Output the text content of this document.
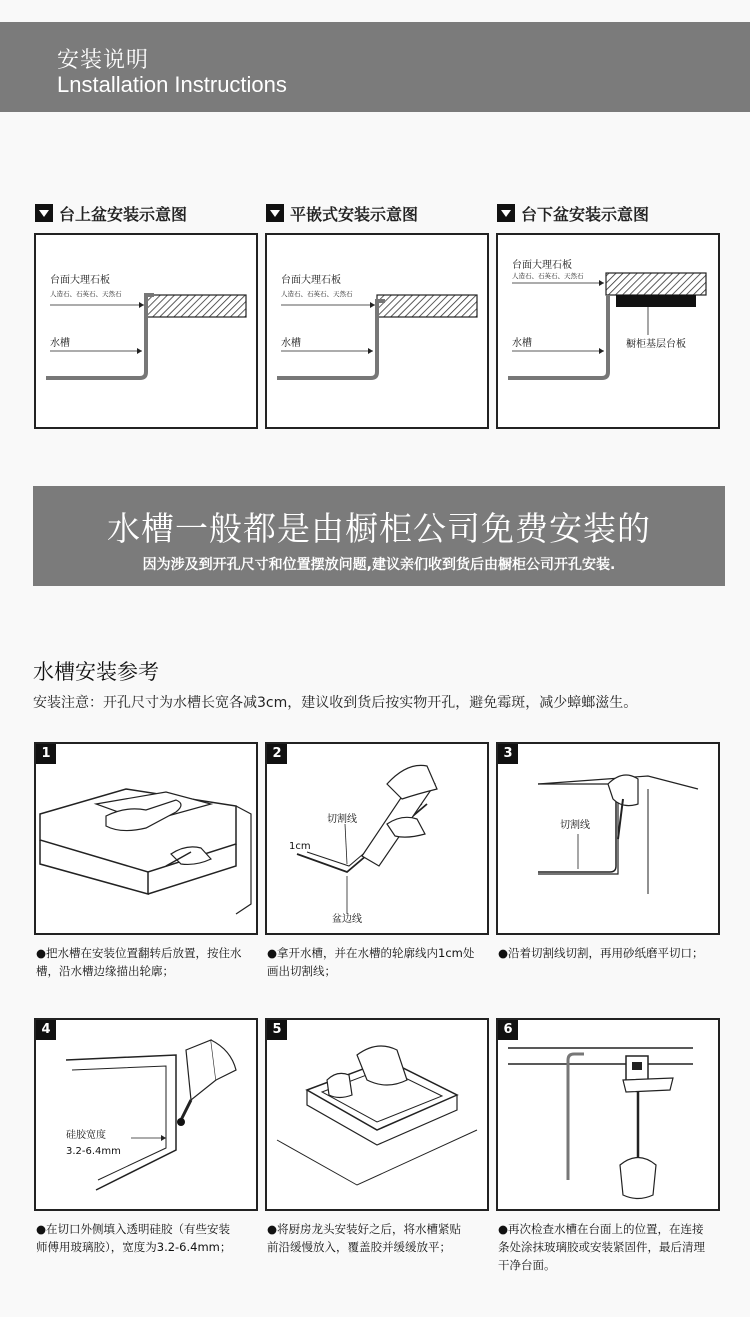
安装说明
Lnstallation Instructions
台上盆安装示意图	平嵌式安装示意图	台下盆安装示意图
台面大理石板
人造石、石英石、天然石
水槽
台面大理石板
人造石、石英石、天然石
水槽
台面大理石板
人造石、石英石、天然石
水槽	橱柜基层台板
水槽一般都是由橱柜公司免费安装的
因为涉及到开孔尺寸和位置摆放问题,建议亲们收到货后由橱柜公司开孔安装.
水槽安装参考
安装注意：开孔尺寸为水槽长宽各减3cm，建议收到货后按实物开孔，避免霉斑，减少蟑螂滋生。
1
●把水槽在安装位置翻转后放置，按住水
槽，沿水槽边缘描出轮廓；
2
切割线
1cm
盆边线
●拿开水槽，并在水槽的轮廓线内1cm处
画出切割线；
3
切割线
●沿着切割线切割，再用砂纸磨平切口；
4
硅胶宽度
3.2-6.4mm
●在切口外侧填入透明硅胶（有些安装
师傅用玻璃胶），宽度为3.2-6.4mm；
5
●将厨房龙头安装好之后，将水槽紧贴
前沿缓慢放入，覆盖胶并缓缓放平；
6
●再次检查水槽在台面上的位置，在连接
条处涂抹玻璃胶或安装紧固件，最后清理
干净台面。
